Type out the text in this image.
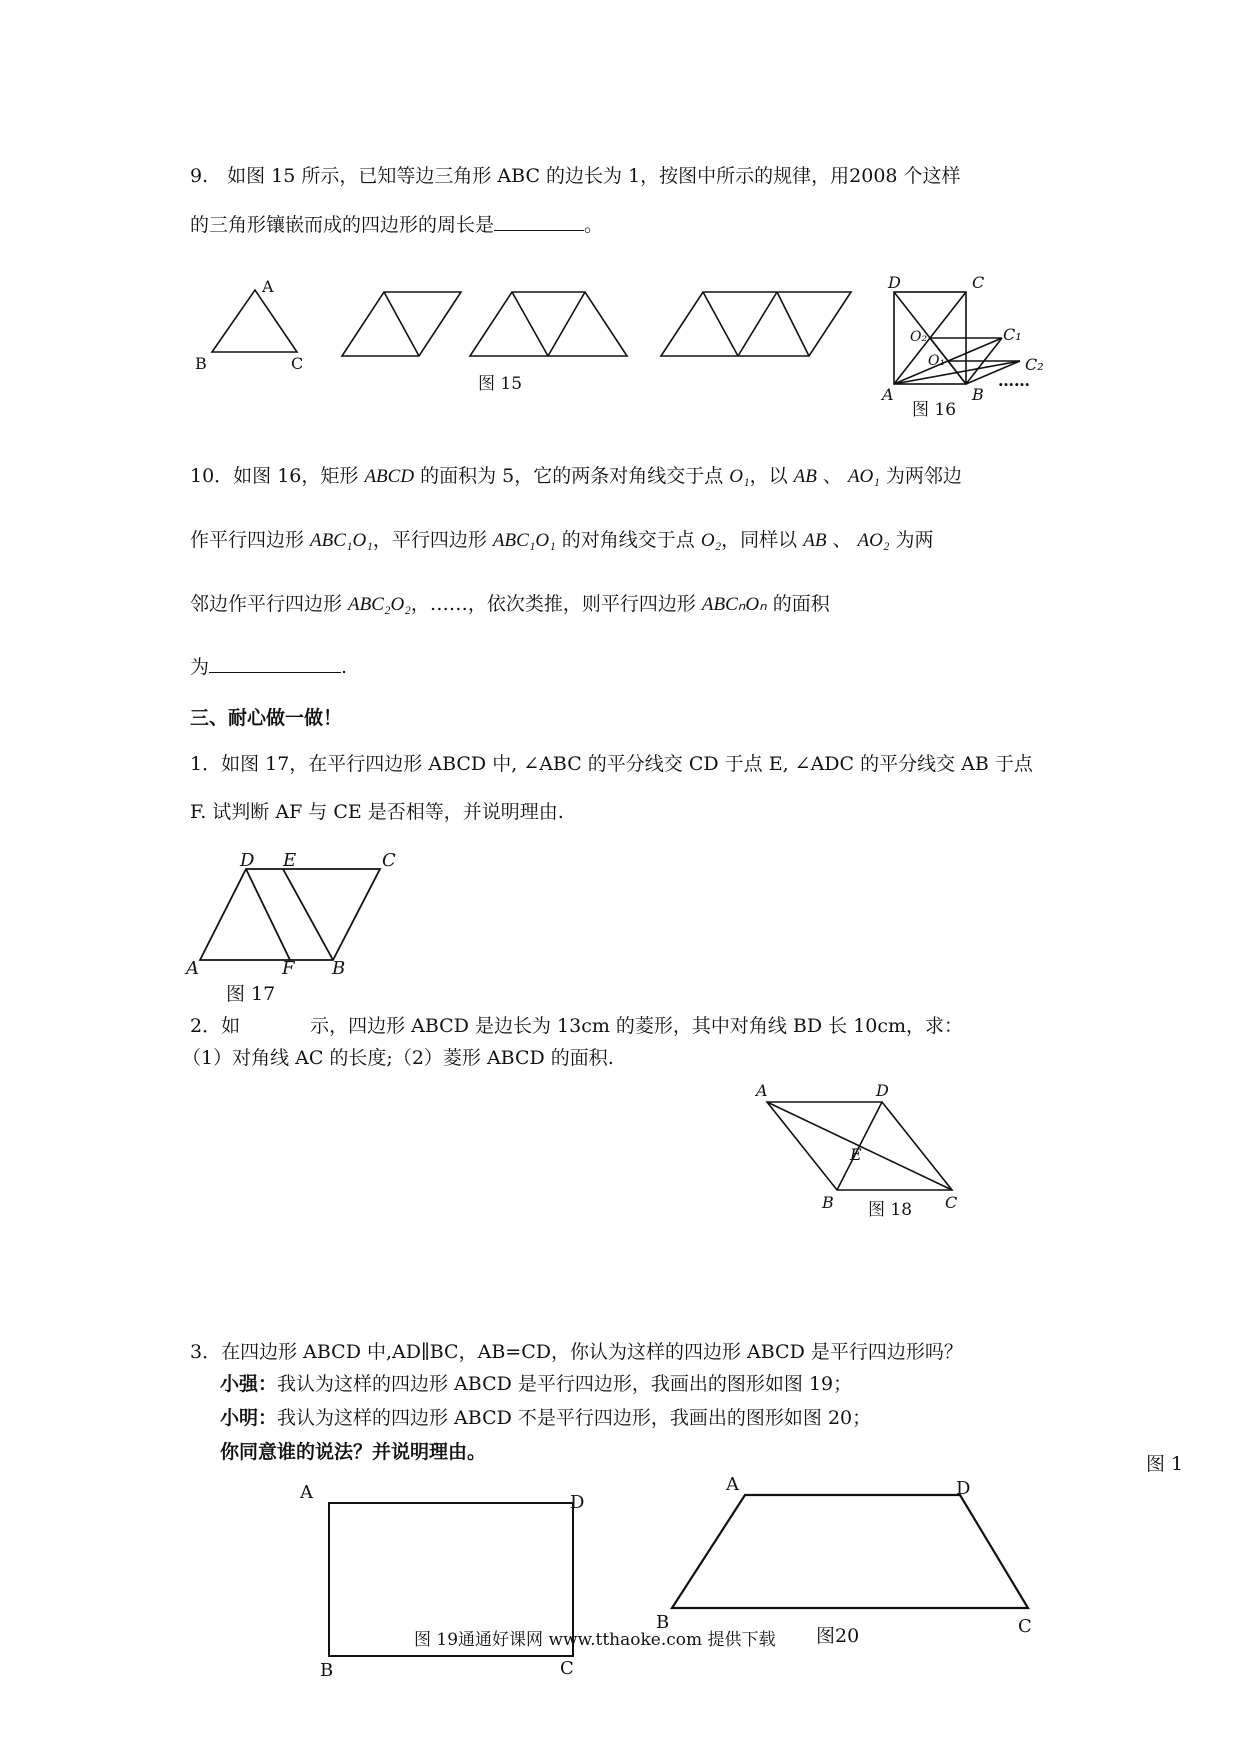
9.　如图 15 所示，已知等边三角形 ABC 的边长为 1，按图中所示的规律，用2008 个这样
的三角形镶嵌而成的四边形的周长是	。
A
B	C
图 15
D	C
O₂
O₁
C₁
C₂
A	B
……
图 16
10．如图 16，矩形 ABCD 的面积为 5，它的两条对角线交于点 O₁，以 AB 、 AO₁ 为两邻边
作平行四边形 ABC₁O₁，平行四边形 ABC₁O₁ 的对角线交于点 O₂，同样以 AB 、 AO₂ 为两
邻边作平行四边形 ABC₂O₂，……，依次类推，则平行四边形 ABCₙOₙ 的面积
为	.
三、耐心做一做！
1．如图 17，在平行四边形 ABCD 中, ∠ABC 的平分线交 CD 于点 E, ∠ADC 的平分线交 AB 于点
F. 试判断 AF 与 CE 是否相等，并说明理由.
D E	C
A	F B
图 17
2．如	示，四边形 ABCD 是边长为 13cm 的菱形，其中对角线 BD 长 10cm，求：
（1）对角线 AC 的长度;（2）菱形 ABCD 的面积.
A	D
E
B	C
图 18
3．在四边形 ABCD 中,AD∥BC，AB=CD，你认为这样的四边形 ABCD 是平行四边形吗？
小强：我认为这样的四边形 ABCD 是平行四边形，我画出的图形如图 19；
小明：我认为这样的四边形 ABCD 不是平行四边形，我画出的图形如图 20；
你同意谁的说法？并说明理由。
图 1
A	D
B	C
A	D
B	C
图 19通通好课网 www.tthaoke.com 提供下载 图20
